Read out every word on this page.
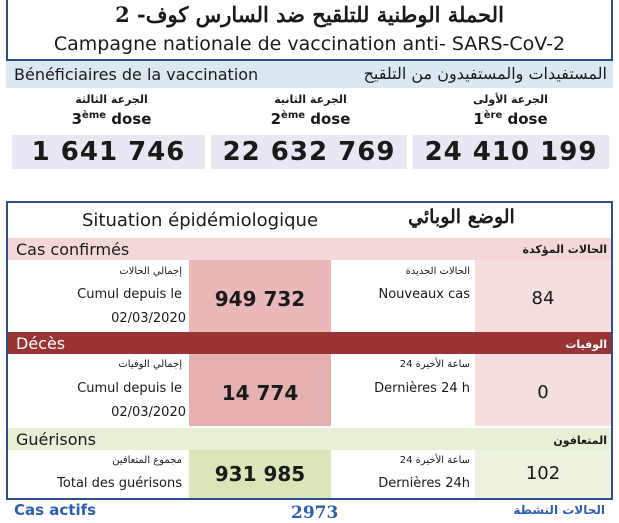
الحملة الوطنية للتلقيح ضد السارس كوف- 2
Campagne nationale de vaccination anti- SARS-CoV-2
Bénéficiaires de la vaccination	المستفيدات والمستفيدون من التلقيح
الجرعة الثالثة
3ème dose
1 641 746
الجرعة الثانية
2ème dose
22 632 769
الجرعة الأولى
1ère dose
24 410 199
Situation épidémiologique	الوضع الوبائي
Cas confirmés	الحالات المؤكدة
إجمالي الحالات
Cumul depuis le
02/03/2020
949 732
الحالات الجديدة
Nouveaux cas	84
Décès	الوفيات
إجمالي الوفيات
Cumul depuis le
02/03/2020
14 774
24 ساعة الأخيرة
Dernières 24 h	0
Guérisons	المتعافون
مجموع المتعافين
Total des guérisons	931 985
24 ساعة الأخيرة
Dernières 24h	102
Cas actifs	2973	الحالات النشطة
